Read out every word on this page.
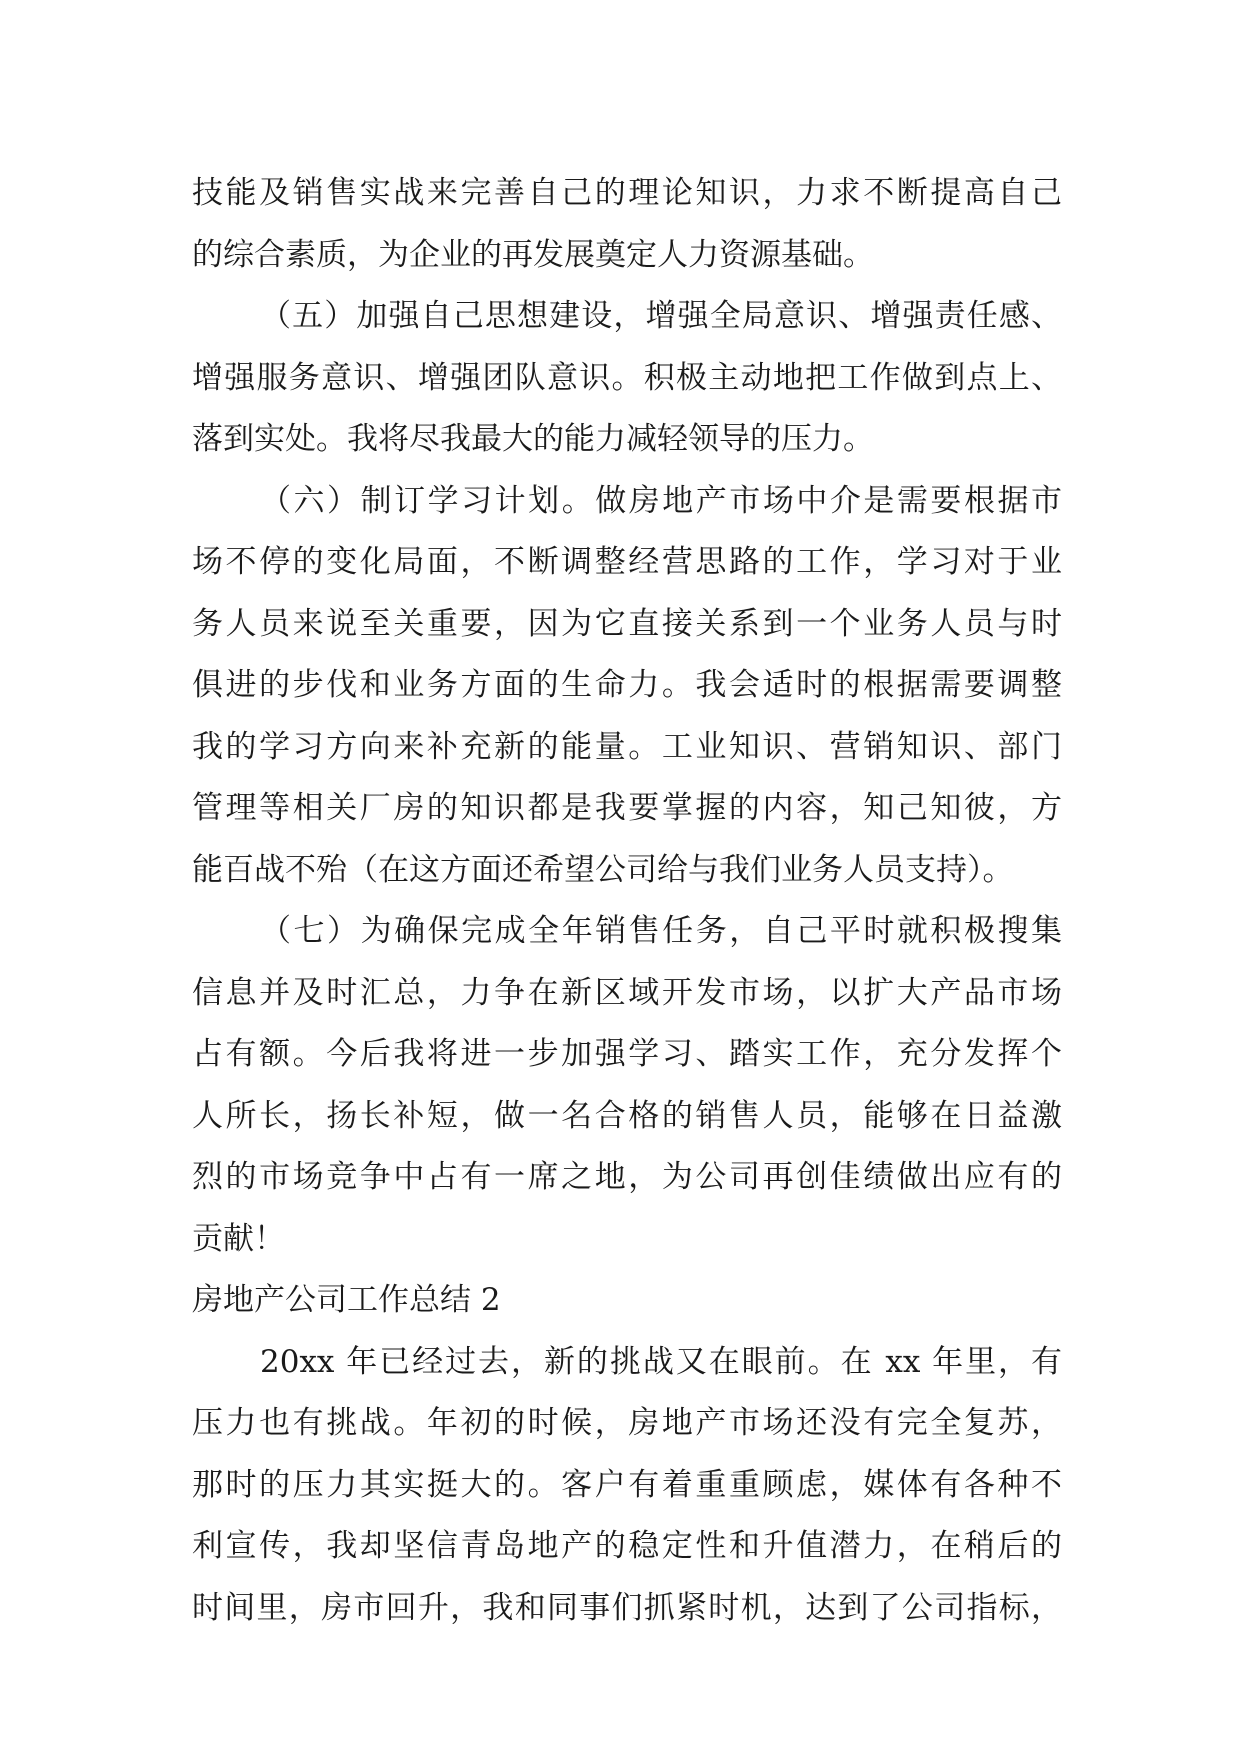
技能及销售实战来完善自己的理论知识，力求不断提高自己
的综合素质，为企业的再发展奠定人力资源基础。
（五）加强自己思想建设，增强全局意识、增强责任感、
增强服务意识、增强团队意识。积极主动地把工作做到点上、
落到实处。我将尽我最大的能力减轻领导的压力。
（六）制订学习计划。做房地产市场中介是需要根据市
场不停的变化局面，不断调整经营思路的工作，学习对于业
务人员来说至关重要，因为它直接关系到一个业务人员与时
俱进的步伐和业务方面的生命力。我会适时的根据需要调整
我的学习方向来补充新的能量。工业知识、营销知识、部门
管理等相关厂房的知识都是我要掌握的内容，知己知彼，方
能百战不殆（在这方面还希望公司给与我们业务人员支持）。
（七）为确保完成全年销售任务，自己平时就积极搜集
信息并及时汇总，力争在新区域开发市场，以扩大产品市场
占有额。今后我将进一步加强学习、踏实工作，充分发挥个
人所长，扬长补短，做一名合格的销售人员，能够在日益激
烈的市场竞争中占有一席之地，为公司再创佳绩做出应有的
贡献！
房地产公司工作总结 2
20xx 年已经过去，新的挑战又在眼前。在 xx 年里，有
压力也有挑战。年初的时候，房地产市场还没有完全复苏，
那时的压力其实挺大的。客户有着重重顾虑，媒体有各种不
利宣传，我却坚信青岛地产的稳定性和升值潜力，在稍后的
时间里，房市回升，我和同事们抓紧时机，达到了公司指标，
